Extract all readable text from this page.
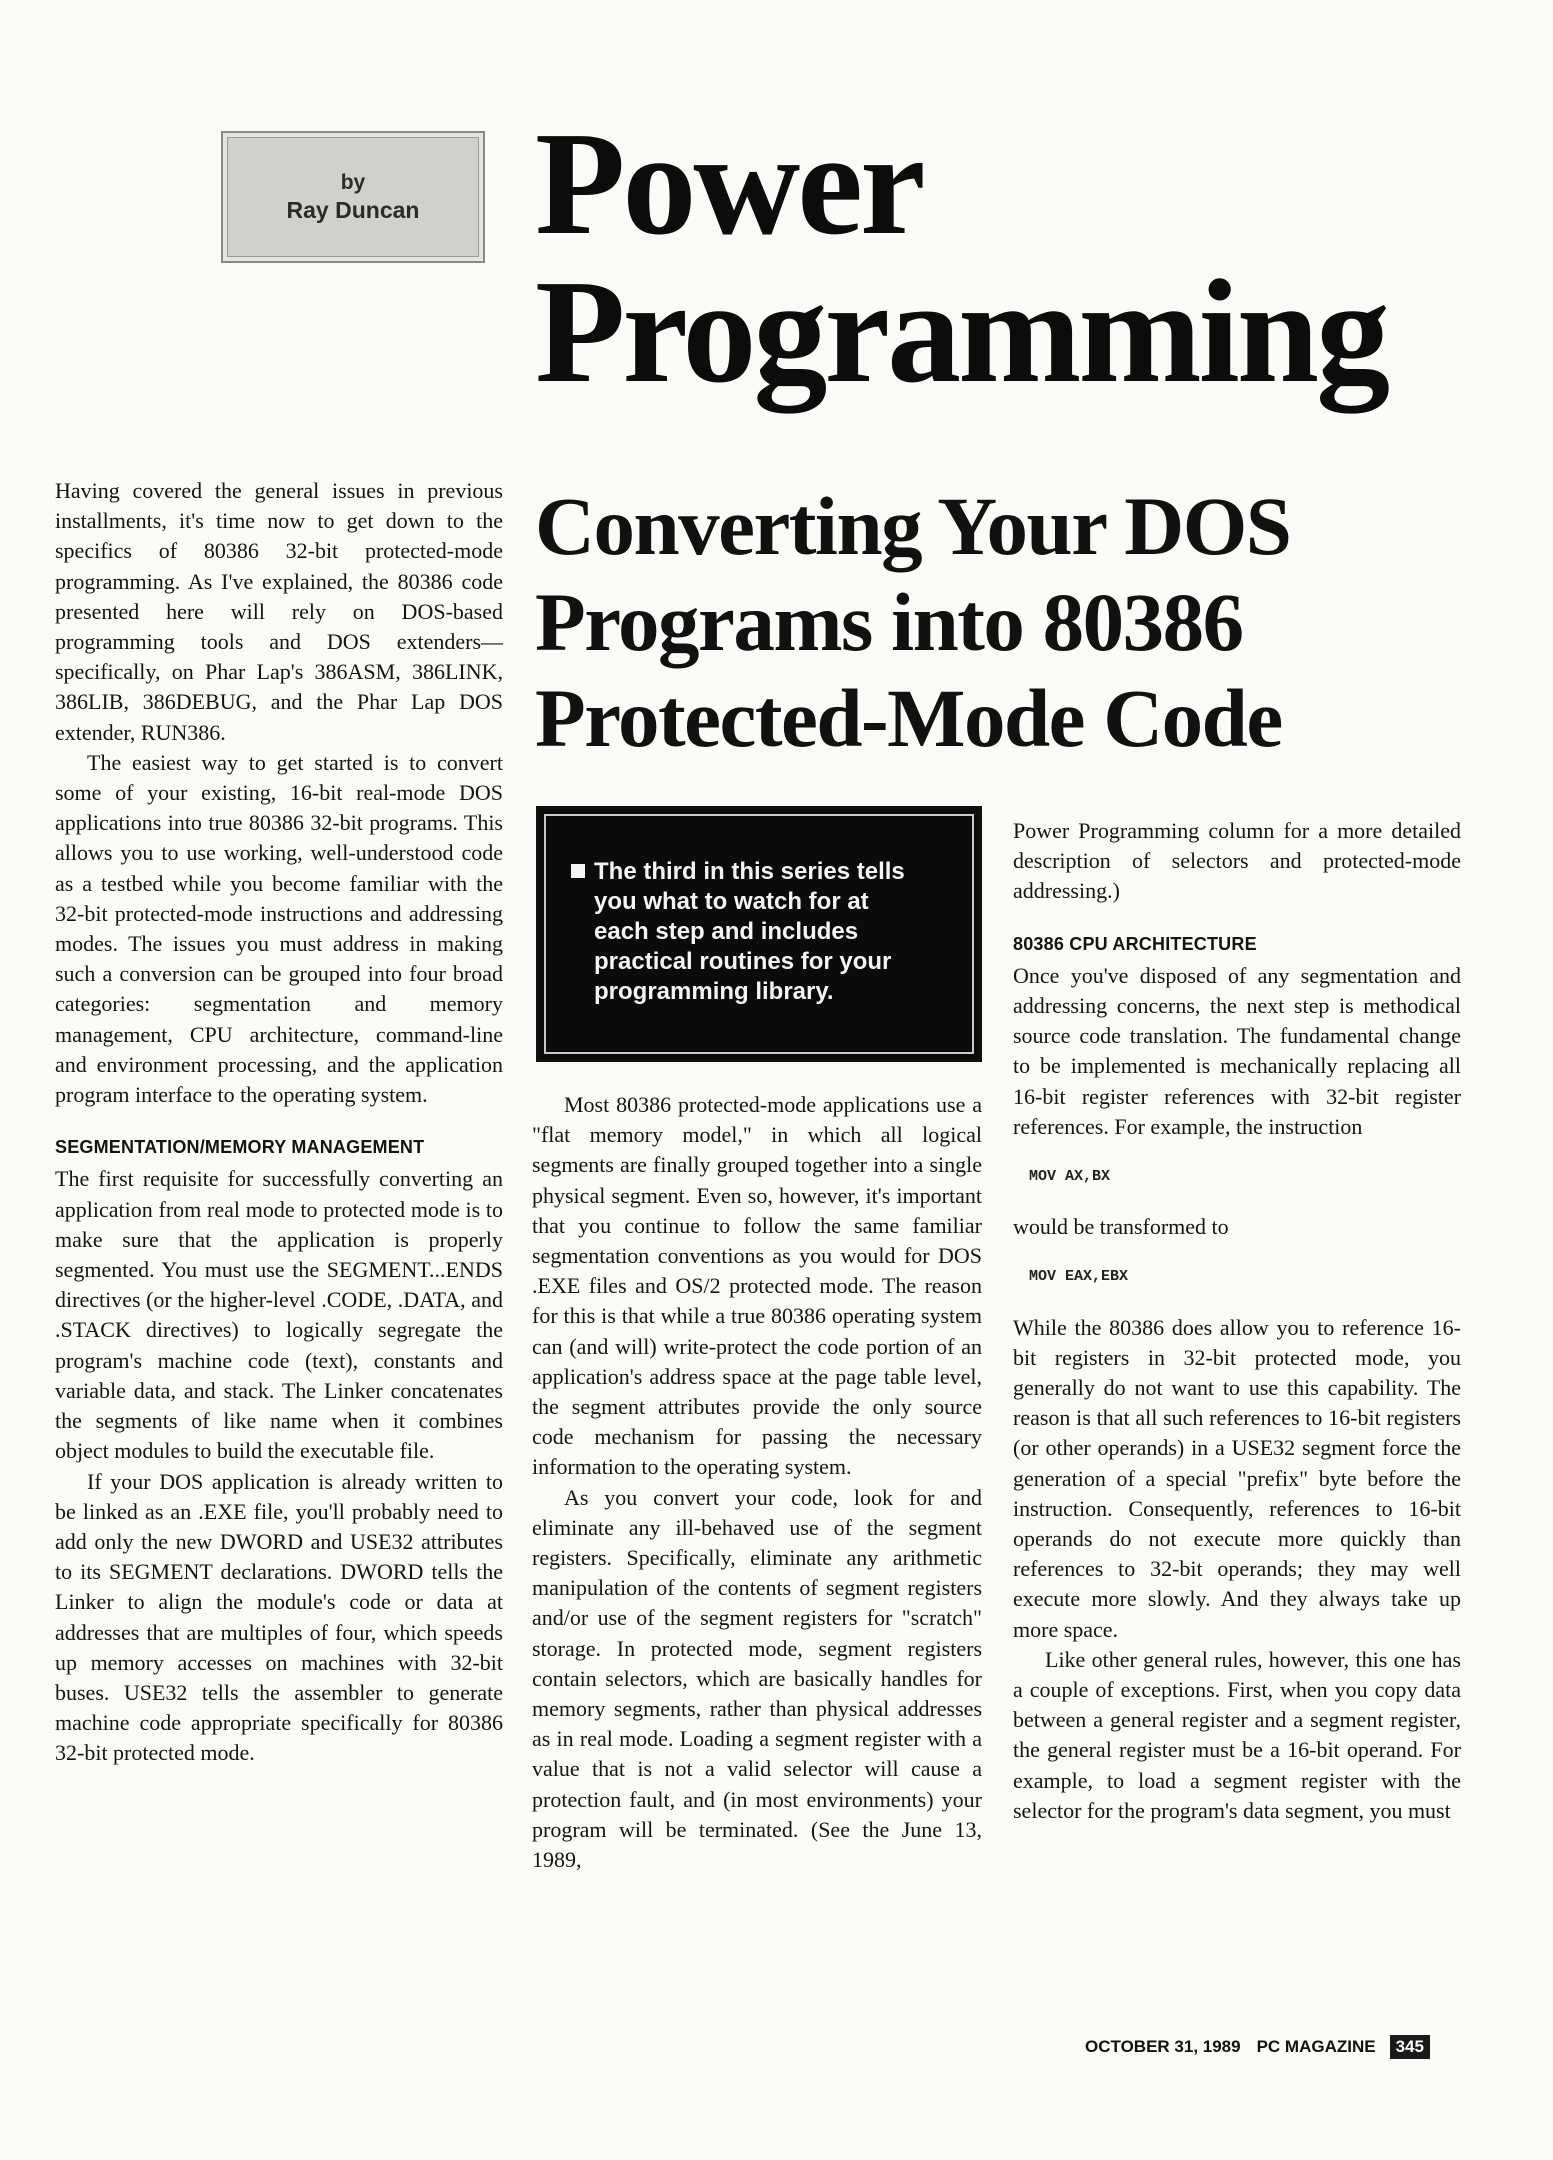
by
Ray Duncan Power
Programming
Converting Your DOS
Programs into 80386
Protected-Mode Code

Having covered the general issues in previous installments, it's time now to get down to the specifics of 80386 32-bit protected-mode programming. As I've explained, the 80386 code presented here will rely on DOS-based programming tools and DOS extenders—specifically, on Phar Lap's 386ASM, 386LINK, 386LIB, 386DEBUG, and the Phar Lap DOS extender, RUN386.

The easiest way to get started is to convert some of your existing, 16-bit real-mode DOS applications into true 80386 32-bit programs. This allows you to use working, well-understood code as a testbed while you become familiar with the 32-bit protected-mode instructions and addressing modes. The issues you must address in making such a conversion can be grouped into four broad categories: segmentation and memory management, CPU architecture, command-line and environment processing, and the application program interface to the operating system.

SEGMENTATION/MEMORY MANAGEMENT

The first requisite for successfully converting an application from real mode to protected mode is to make sure that the application is properly segmented. You must use the SEGMENT...ENDS directives (or the higher-level .CODE, .DATA, and .STACK directives) to logically segregate the program's machine code (text), constants and variable data, and stack. The Linker concatenates the segments of like name when it combines object modules to build the executable file.

If your DOS application is already written to be linked as an .EXE file, you'll probably need to add only the new DWORD and USE32 attributes to its SEGMENT declarations. DWORD tells the Linker to align the module's code or data at addresses that are multiples of four, which speeds up memory accesses on machines with 32-bit buses. USE32 tells the assembler to generate machine code appropriate specifically for 80386 32-bit protected mode.

The third in this series tells you what to watch for at each step and includes practical routines for your programming library.

Most 80386 protected-mode applications use a "flat memory model," in which all logical segments are finally grouped together into a single physical segment. Even so, however, it's important that you continue to follow the same familiar segmentation conventions as you would for DOS .EXE files and OS/2 protected mode. The reason for this is that while a true 80386 operating system can (and will) write-protect the code portion of an application's address space at the page table level, the segment attributes provide the only source code mechanism for passing the necessary information to the operating system.

As you convert your code, look for and eliminate any ill-behaved use of the segment registers. Specifically, eliminate any arithmetic manipulation of the contents of segment registers and/or use of the segment registers for "scratch" storage. In protected mode, segment registers contain selectors, which are basically handles for memory segments, rather than physical addresses as in real mode. Loading a segment register with a value that is not a valid selector will cause a protection fault, and (in most environments) your program will be terminated. (See the June 13, 1989,

Power Programming column for a more detailed description of selectors and protected-mode addressing.)

80386 CPU ARCHITECTURE

Once you've disposed of any segmentation and addressing concerns, the next step is methodical source code translation. The fundamental change to be implemented is mechanically replacing all 16-bit register references with 32-bit register references. For example, the instruction

MOV AX,BX

would be transformed to

MOV EAX,EBX

While the 80386 does allow you to reference 16-bit registers in 32-bit protected mode, you generally do not want to use this capability. The reason is that all such references to 16-bit registers (or other operands) in a USE32 segment force the generation of a special "prefix" byte before the instruction. Consequently, references to 16-bit operands do not execute more quickly than references to 32-bit operands; they may well execute more slowly. And they always take up more space.

Like other general rules, however, this one has a couple of exceptions. First, when you copy data between a general register and a segment register, the general register must be a 16-bit operand. For example, to load a segment register with the selector for the program's data segment, you must

OCTOBER 31, 1989 PC MAGAZINE	345
